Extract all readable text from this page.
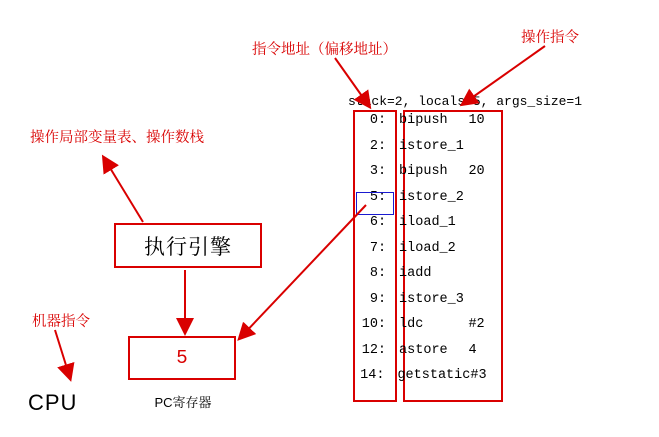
stack=2, locals=5, args_size=1
0: bipush	10
2: istore_1
3: bipush	20
5: istore_2
6: iload_1
7: iload_2
8: iadd
9: istore_3
10: ldc	#2
12: astore	4
14: getstatic #3
指令地址（偏移地址）
操作指令
操作局部变量表、操作数栈
机器指令
执行引擎
5
PC寄存器
CPU
